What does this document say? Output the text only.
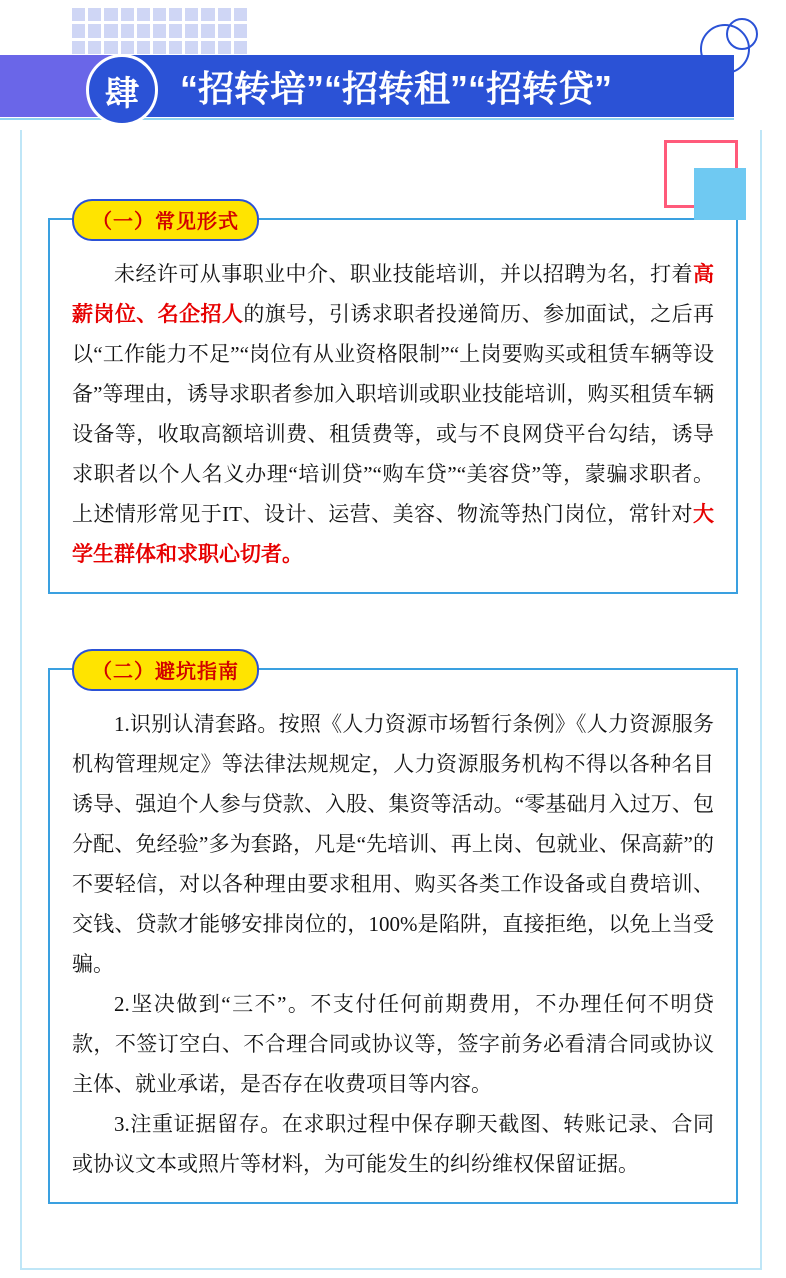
肆	“招转培”“招转租”“招转贷”
（一）常见形式

未经许可从事职业中介、职业技能培训，并以招聘为名，打着高薪岗位、名企招人的旗号，引诱求职者投递简历、参加面试，之后再以“工作能力不足”“岗位有从业资格限制”“上岗要购买或租赁车辆等设备”等理由，诱导求职者参加入职培训或职业技能培训，购买租赁车辆设备等，收取高额培训费、租赁费等，或与不良网贷平台勾结，诱导求职者以个人名义办理“培训贷”“购车贷”“美容贷”等，蒙骗求职者。上述情形常见于IT、设计、运营、美容、物流等热门岗位，常针对大学生群体和求职心切者。

（二）避坑指南

1.识别认清套路。按照《人力资源市场暂行条例》《人力资源服务机构管理规定》等法律法规规定，人力资源服务机构不得以各种名目诱导、强迫个人参与贷款、入股、集资等活动。“零基础月入过万、包分配、免经验”多为套路，凡是“先培训、再上岗、包就业、保高薪”的不要轻信，对以各种理由要求租用、购买各类工作设备或自费培训、交钱、贷款才能够安排岗位的，100%是陷阱，直接拒绝，以免上当受骗。

2.坚决做到“三不”。不支付任何前期费用，不办理任何不明贷款，不签订空白、不合理合同或协议等，签字前务必看清合同或协议主体、就业承诺，是否存在收费项目等内容。

3.注重证据留存。在求职过程中保存聊天截图、转账记录、合同或协议文本或照片等材料，为可能发生的纠纷维权保留证据。
